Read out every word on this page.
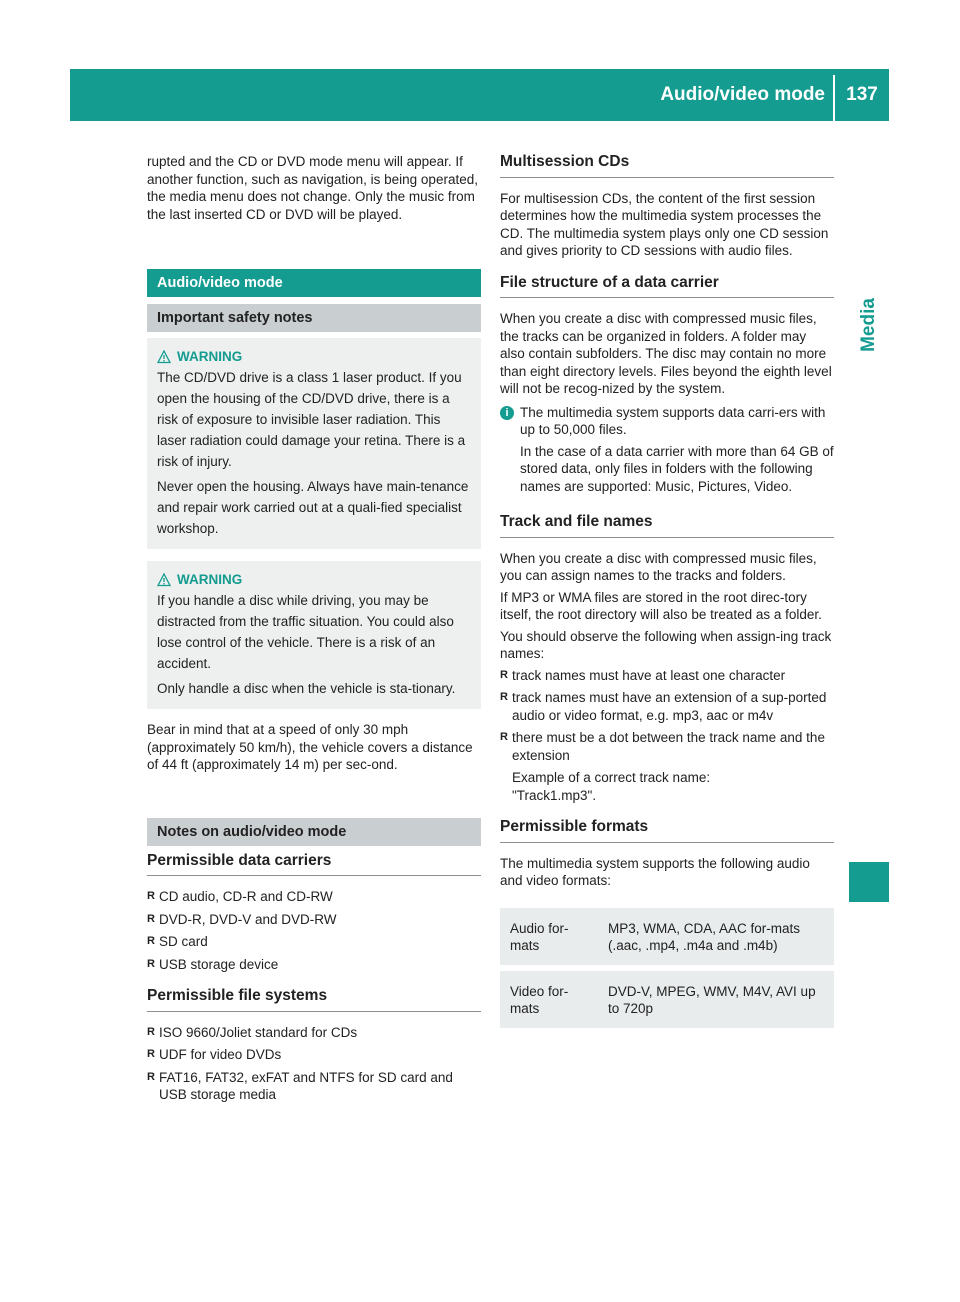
Audio/video mode	137
Media

rupted and the CD or DVD mode menu will appear. If another function, such as navigation, is being operated, the media menu does not change. Only the music from the last inserted CD or DVD will be played.

Audio/video mode
Important safety notes
WARNING

The CD/DVD drive is a class 1 laser product. If you open the housing of the CD/DVD drive, there is a risk of exposure to invisible laser radiation. This laser radiation could damage your retina. There is a risk of injury.

Never open the housing. Always have main-tenance and repair work carried out at a quali-fied specialist workshop.

WARNING

If you handle a disc while driving, you may be distracted from the traffic situation. You could also lose control of the vehicle. There is a risk of an accident.

Only handle a disc when the vehicle is sta-tionary.

Bear in mind that at a speed of only 30 mph (approximately 50 km/h), the vehicle covers a distance of 44 ft (approximately 14 m) per sec-ond.

Notes on audio/video mode
Permissible data carriers
R CD audio, CD-R and CD-RW
R DVD-R, DVD-V and DVD-RW
R SD card
R USB storage device
Permissible file systems
R ISO 9660/Joliet standard for CDs
R UDF for video DVDs
R FAT16, FAT32, exFAT and NTFS for SD card and USB storage media
Multisession CDs

For multisession CDs, the content of the first session determines how the multimedia system processes the CD. The multimedia system plays only one CD session and gives priority to CD sessions with audio files.

File structure of a data carrier

When you create a disc with compressed music files, the tracks can be organized in folders. A folder may also contain subfolders. The disc may contain no more than eight directory levels. Files beyond the eighth level will not be recog-nized by the system.

i The multimedia system supports data carri-ers with up to 50,000 files.

In the case of a data carrier with more than 64 GB of stored data, only files in folders with the following names are supported: Music, Pictures, Video.

Track and file names

When you create a disc with compressed music files, you can assign names to the tracks and folders.

If MP3 or WMA files are stored in the root direc-tory itself, the root directory will also be treated as a folder.

You should observe the following when assign-ing track names:

R track names must have at least one character
R track names must have an extension of a sup-ported audio or video format, e.g. mp3, aac or m4v
R there must be a dot between the track name and the extension
Example of a correct track name:
"Track1.mp3".
Permissible formats

The multimedia system supports the following audio and video formats:

Audio for-mats	MP3, WMA, CDA, AAC for-mats (.aac, .mp4, .m4a and .m4b)
Video for-mats	DVD-V, MPEG, WMV, M4V, AVI up to 720p
